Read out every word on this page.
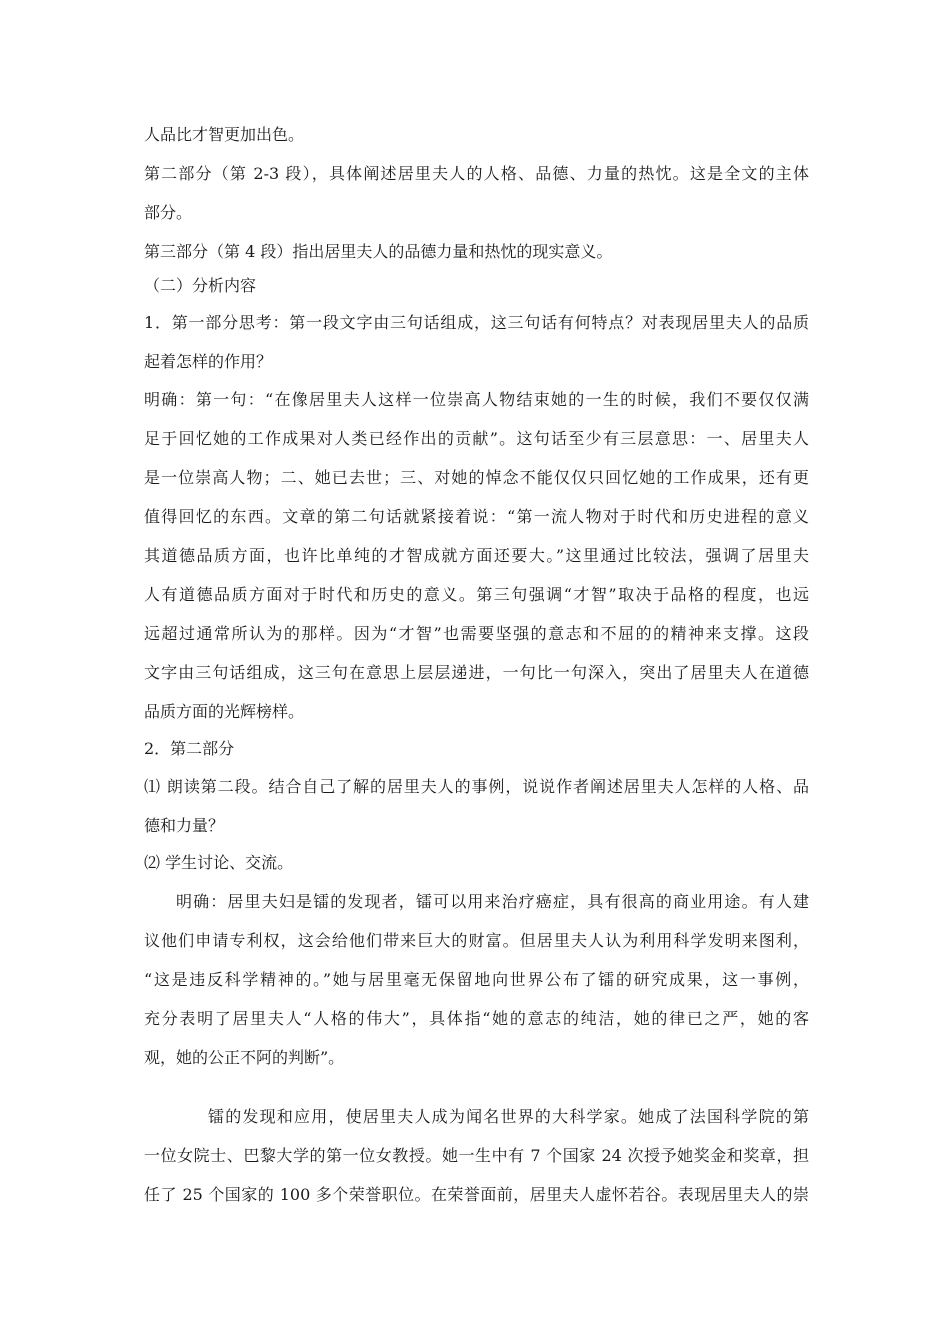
人品比才智更加出色。
第二部分（第 2-3 段），具体阐述居里夫人的人格、品德、力量的热忱。这是全文的主体
部分。
第三部分（第 4 段）指出居里夫人的品德力量和热忱的现实意义。
（二）分析内容
1．第一部分思考：第一段文字由三句话组成，这三句话有何特点？对表现居里夫人的品质
起着怎样的作用？
明确：第一句：“在像居里夫人这样一位崇高人物结束她的一生的时候，我们不要仅仅满
足于回忆她的工作成果对人类已经作出的贡献”。这句话至少有三层意思：一、居里夫人
是一位崇高人物；二、她已去世；三、对她的悼念不能仅仅只回忆她的工作成果，还有更
值得回忆的东西。文章的第二句话就紧接着说：“第一流人物对于时代和历史进程的意义
其道德品质方面，也许比单纯的才智成就方面还要大。”这里通过比较法，强调了居里夫
人有道德品质方面对于时代和历史的意义。第三句强调“才智”取决于品格的程度，也远
远超过通常所认为的那样。因为“才智”也需要坚强的意志和不屈的的精神来支撑。这段
文字由三句话组成，这三句在意思上层层递进，一句比一句深入，突出了居里夫人在道德
品质方面的光辉榜样。
2．第二部分
⑴ 朗读第二段。结合自己了解的居里夫人的事例，说说作者阐述居里夫人怎样的人格、品
德和力量？
⑵ 学生讨论、交流。
明确：居里夫妇是镭的发现者，镭可以用来治疗癌症，具有很高的商业用途。有人建
议他们申请专利权，这会给他们带来巨大的财富。但居里夫人认为利用科学发明来图利，
“这是违反科学精神的。”她与居里毫无保留地向世界公布了镭的研究成果，这一事例，
充分表明了居里夫人“人格的伟大”，具体指“她的意志的纯洁，她的律已之严，她的客
观，她的公正不阿的判断”。
镭的发现和应用，使居里夫人成为闻名世界的大科学家。她成了法国科学院的第
一位女院士、巴黎大学的第一位女教授。她一生中有 7 个国家 24 次授予她奖金和奖章，担
任了 25 个国家的 100 多个荣誉职位。在荣誉面前，居里夫人虚怀若谷。表现居里夫人的崇
